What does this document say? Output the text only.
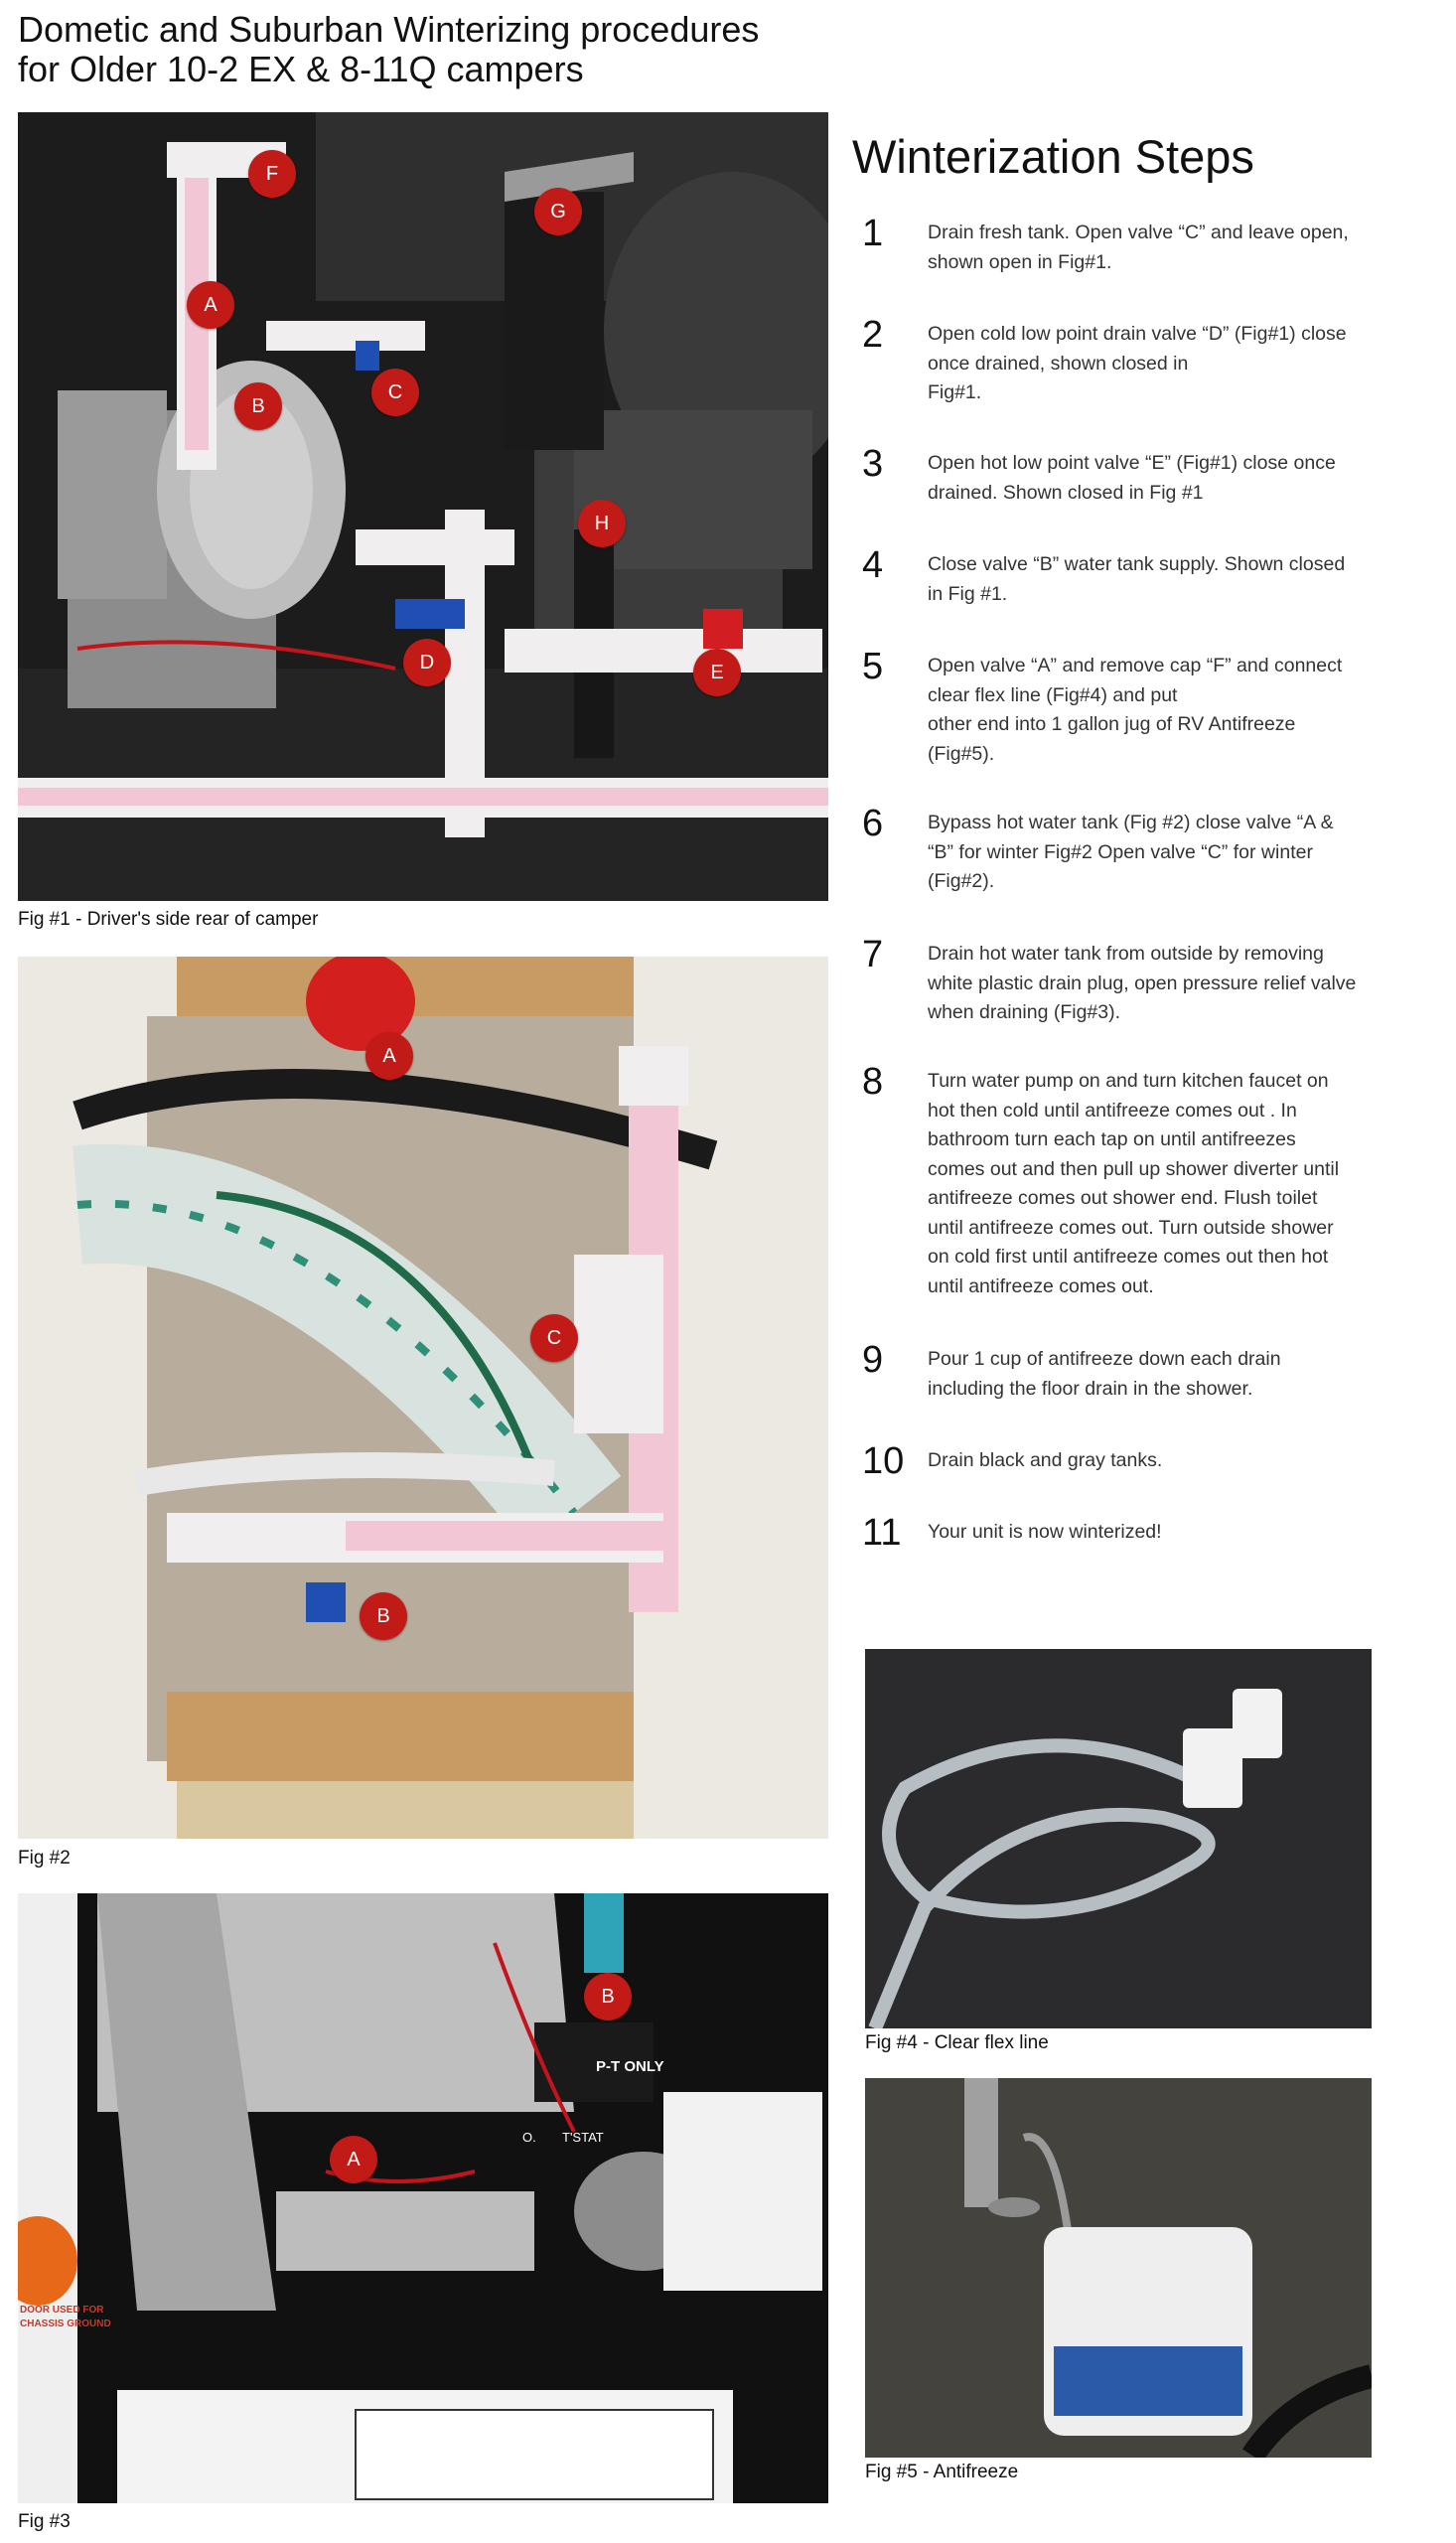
Dometic and Suburban Winterizing procedures
for Older 10-2 EX & 8-11Q campers
F
G
A
C
B
H
D	E
Fig #1 - Driver's side rear of camper
A
C
B
Fig #2
P-T ONLY
T'STAT
O.
DOOR USED FOR
CHASSIS GROUND
B
A
Fig #3
Winterization Steps
1 Drain fresh tank. Open valve “C” and leave open,
shown open in Fig#1.
2 Open cold low point drain valve “D” (Fig#1) close
once drained, shown closed in
Fig#1.
3 Open hot low point valve “E” (Fig#1) close once
drained. Shown closed in Fig #1
4 Close valve “B” water tank supply. Shown closed
in Fig #1.
5 Open valve “A” and remove cap “F” and connect
clear flex line (Fig#4) and put
other end into 1 gallon jug of RV Antifreeze
(Fig#5).
6 Bypass hot water tank (Fig #2) close valve “A &
“B” for winter Fig#2 Open valve “C” for winter
(Fig#2).
7 Drain hot water tank from outside by removing
white plastic drain plug, open pressure relief valve
when draining (Fig#3).
8 Turn water pump on and turn kitchen faucet on
hot then cold until antifreeze comes out . In
bathroom turn each tap on until antifreezes
comes out and then pull up shower diverter until
antifreeze comes out shower end. Flush toilet
until antifreeze comes out. Turn outside shower
on cold first until antifreeze comes out then hot
until antifreeze comes out.
9 Pour 1 cup of antifreeze down each drain
including the floor drain in the shower.
10 Drain black and gray tanks.
11 Your unit is now winterized!
Fig #4 - Clear flex line
Fig #5 - Antifreeze
